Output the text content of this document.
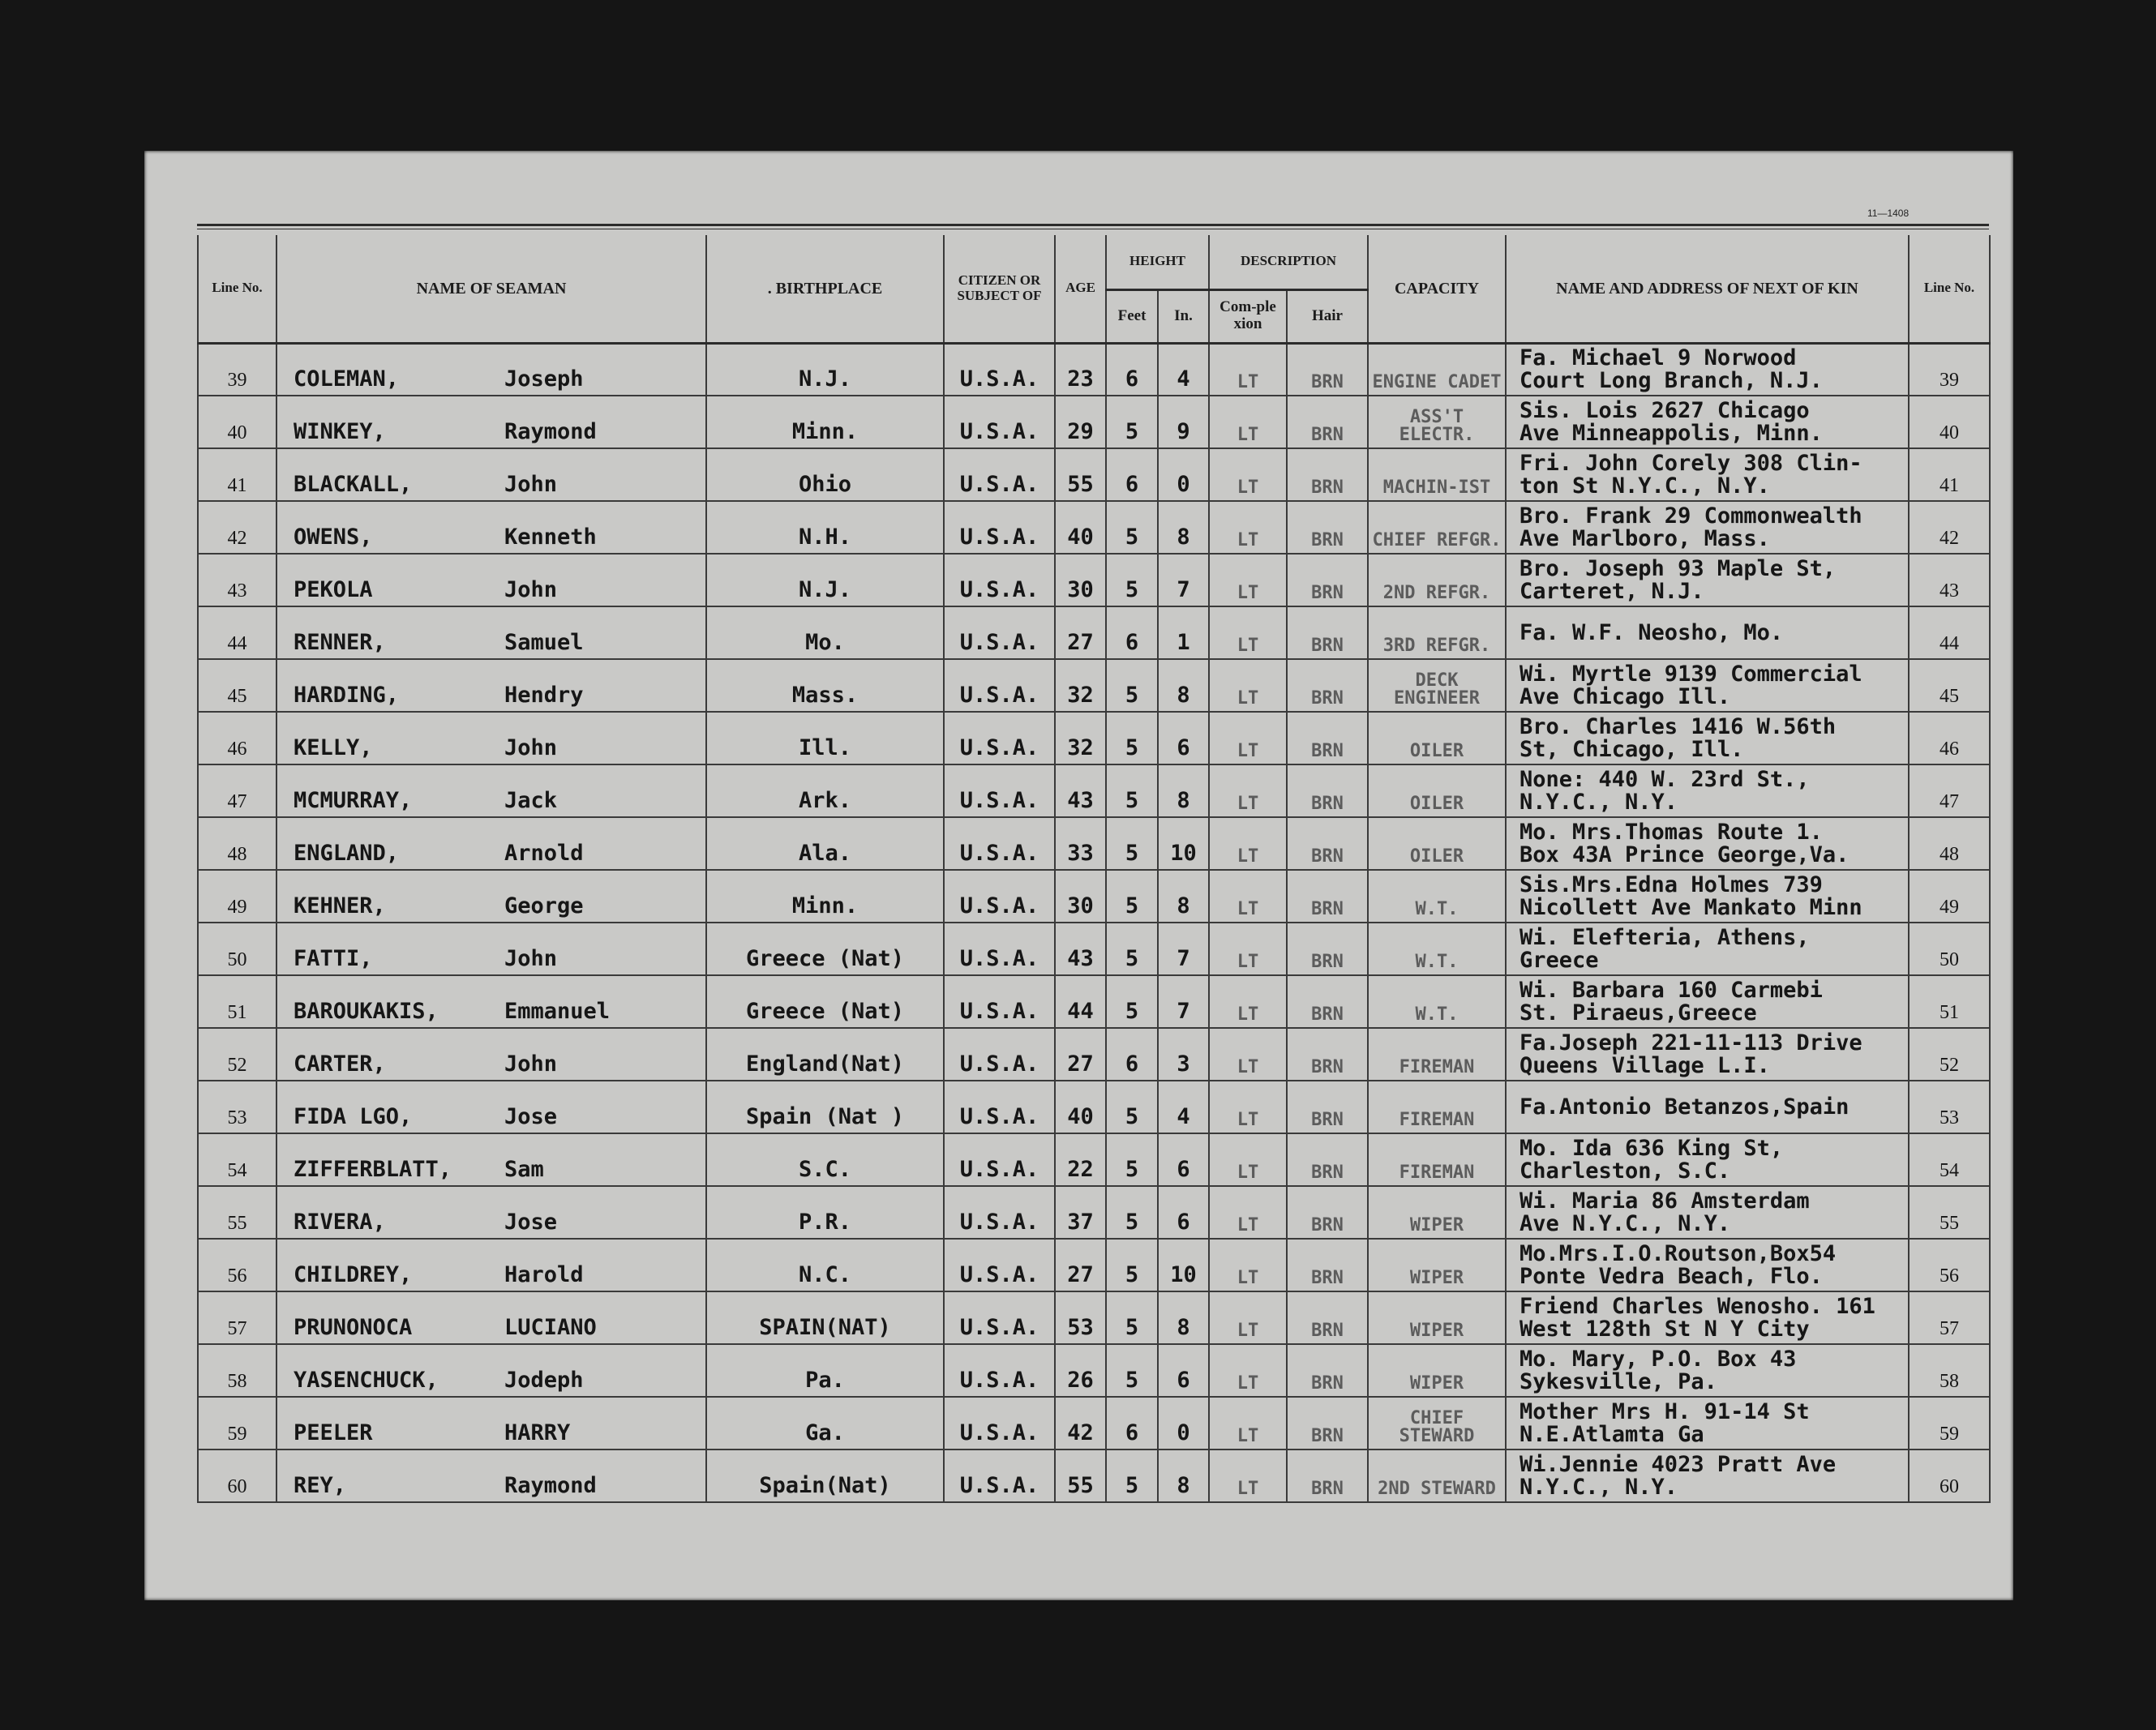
11—1408
Line No.	NAME OF SEAMAN	. BIRTHPLACE	CITIZEN OR SUBJECT OF	AGE	HEIGHT		DESCRIPTION		CAPACITY	NAME AND ADDRESS OF NEXT OF KIN	Line No.
					Feet	In.	Com-plexion	Hair			
39	COLEMAN, Joseph	N.J.	U.S.A.	23	6	4	LT	BRN	ENGINE CADET	Fa. Michael 9 Norwood
Court Long Branch, N.J.	39
40	WINKEY, Raymond	Minn.	U.S.A.	29	5	9	LT	BRN	ASS'T ELECTR.	Sis. Lois 2627 Chicago
Ave Minneappolis, Minn.	40
41	BLACKALL, John	Ohio	U.S.A.	55	6	0	LT	BRN	MACHIN-IST	Fri. John Corely 308 Clin-
ton St N.Y.C., N.Y.	41
42	OWENS, Kenneth	N.H.	U.S.A.	40	5	8	LT	BRN	CHIEF REFGR.	Bro. Frank 29 Commonwealth
Ave Marlboro, Mass.	42
43	PEKOLA John	N.J.	U.S.A.	30	5	7	LT	BRN	2ND REFGR.	Bro. Joseph 93 Maple St,
Carteret, N.J.	43
44	RENNER, Samuel	Mo.	U.S.A.	27	6	1	LT	BRN	3RD REFGR.	Fa. W.F. Neosho, Mo.	44
45	HARDING, Hendry	Mass.	U.S.A.	32	5	8	LT	BRN	DECK ENGINEER	Wi. Myrtle 9139 Commercial
Ave Chicago Ill.	45
46	KELLY, John	Ill.	U.S.A.	32	5	6	LT	BRN	OILER	Bro. Charles 1416 W.56th
St, Chicago, Ill.	46
47	MCMURRAY, Jack	Ark.	U.S.A.	43	5	8	LT	BRN	OILER	None: 440 W. 23rd St.,
N.Y.C., N.Y.	47
48	ENGLAND, Arnold	Ala.	U.S.A.	33	5	10	LT	BRN	OILER	Mo. Mrs.Thomas Route 1.
Box 43A Prince George,Va.	48
49	KEHNER, George	Minn.	U.S.A.	30	5	8	LT	BRN	W.T.	Sis.Mrs.Edna Holmes 739
Nicollett Ave Mankato Minn	49
50	FATTI, John	Greece (Nat)	U.S.A.	43	5	7	LT	BRN	W.T.	Wi. Elefteria, Athens,
Greece	50
51	BAROUKAKIS, Emmanuel	Greece (Nat)	U.S.A.	44	5	7	LT	BRN	W.T.	Wi. Barbara 160 Carmebi
St. Piraeus,Greece	51
52	CARTER, John	England(Nat)	U.S.A.	27	6	3	LT	BRN	FIREMAN	Fa.Joseph 221-11-113 Drive
Queens Village L.I.	52
53	FIDA LGO, Jose	Spain (Nat )	U.S.A.	40	5	4	LT	BRN	FIREMAN	Fa.Antonio Betanzos,Spain	53
54	ZIFFERBLATT, Sam	S.C.	U.S.A.	22	5	6	LT	BRN	FIREMAN	Mo. Ida 636 King St,
Charleston, S.C.	54
55	RIVERA, Jose	P.R.	U.S.A.	37	5	6	LT	BRN	WIPER	Wi. Maria 86 Amsterdam
Ave N.Y.C., N.Y.	55
56	CHILDREY, Harold	N.C.	U.S.A.	27	5	10	LT	BRN	WIPER	Mo.Mrs.I.O.Routson,Box54
Ponte Vedra Beach, Flo.	56
57	PRUNONOCA LUCIANO	SPAIN(NAT)	U.S.A.	53	5	8	LT	BRN	WIPER	Friend Charles Wenosho. 161
West 128th St N Y City	57
58	YASENCHUCK, Jodeph	Pa.	U.S.A.	26	5	6	LT	BRN	WIPER	Mo. Mary, P.O. Box 43
Sykesville, Pa.	58
59	PEELER HARRY	Ga.	U.S.A.	42	6	0	LT	BRN	CHIEF STEWARD	Mother Mrs H. 91-14 St
N.E.Atlamta Ga	59
60	REY, Raymond	Spain(Nat)	U.S.A.	55	5	8	LT	BRN	2ND STEWARD	Wi.Jennie 4023 Pratt Ave
N.Y.C., N.Y.	60
